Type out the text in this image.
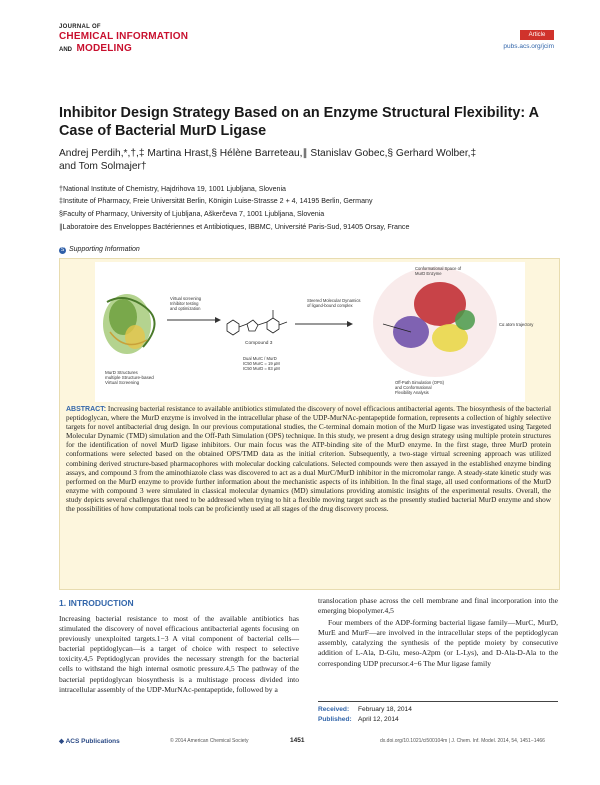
JOURNAL OF
CHEMICAL INFORMATION
AND MODELING
Article
pubs.acs.org/jcim
Inhibitor Design Strategy Based on an Enzyme Structural Flexibility: A Case of Bacterial MurD Ligase
Andrej Perdih,*,†,‡ Martina Hrast,§ Hélène Barreteau,∥ Stanislav Gobec,§ Gerhard Wolber,‡
and Tom Solmajer†
†National Institute of Chemistry, Hajdrihova 19, 1001 Ljubljana, Slovenia
‡Institute of Pharmacy, Freie Universität Berlin, Königin Luise-Strasse 2 + 4, 14195 Berlin, Germany
§Faculty of Pharmacy, University of Ljubljana, Aškerčeva 7, 1001 Ljubljana, Slovenia
∥Laboratoire des Enveloppes Bactériennes et Antibiotiques, IBBMC, Université Paris-Sud, 91405 Orsay, France
S Supporting Information
MurD Structures multiple Structure-based Virtual Screening
Virtual screening Inhibitor testing and optimization
Compound 3
Dual MurC / MurD IC50 MurC = 19 µM IC50 MurD = 83 µM
Steered Molecular Dynamics of ligand-bound complex
Conformational Space of MurD Enzyme
Cα atom trajectory
Off-Path Simulation (OPS) and Conformational Flexibility Analysis
ABSTRACT: Increasing bacterial resistance to available antibiotics stimulated the discovery of novel efficacious antibacterial agents. The biosynthesis of the bacterial peptidoglycan, where the MurD enzyme is involved in the intracellular phase of the UDP-MurNAc-pentapeptide formation, represents a collection of highly selective targets for novel antibacterial drug design. In our previous computational studies, the C-terminal domain motion of the MurD ligase was investigated using Targeted Molecular Dynamic (TMD) simulation and the Off-Path Simulation (OPS) technique. In this study, we present a drug design strategy using multiple protein structures for the identification of novel MurD ligase inhibitors. Our main focus was the ATP-binding site of the MurD enzyme. In the first stage, three MurD protein conformations were selected based on the obtained OPS/TMD data as the initial criterion. Subsequently, a two-stage virtual screening approach was utilized combining derived structure-based pharmacophores with molecular docking calculations. Selected compounds were then assayed in the established enzyme binding assays, and compound 3 from the aminothiazole class was discovered to act as a dual MurC/MurD inhibitor in the micromolar range. A steady-state kinetic study was performed on the MurD enzyme to provide further information about the mechanistic aspects of its inhibition. In the final stage, all used conformations of the MurD enzyme with compound 3 were simulated in classical molecular dynamics (MD) simulations providing atomistic insights of the experimental results. Overall, the study depicts several challenges that need to be addressed when trying to hit a flexible moving target such as the presently studied bacterial MurD enzyme and show the possibilities of how computational tools can be proficiently used at all stages of the drug discovery process.
1. INTRODUCTION
Increasing bacterial resistance to most of the available antibiotics has stimulated the discovery of novel efficacious antibacterial agents focusing on previously unexploited targets.1−3 A vital component of bacterial cells—bacterial peptidoglycan—is a target of choice with respect to selective toxicity.4,5 Peptidoglycan provides the necessary strength for the bacterial cells to withstand the high internal osmotic pressure.4,5 The pathway of the bacterial peptidoglycan biosynthesis is a multistage process divided into intracellular assembly of the UDP-MurNAc-pentapeptide, followed by a
translocation phase across the cell membrane and final incorporation into the emerging biopolymer.4,5
Four members of the ADP-forming bacterial ligase family—MurC, MurD, MurE and MurF—are involved in the intracellular steps of the peptidoglycan assembly, catalyzing the synthesis of the peptide moiety by consecutive addition of L-Ala, D-Glu, meso-A2pm (or L-Lys), and D-Ala-D-Ala to the corresponding UDP precursor.4−6 The Mur ligase family
Received: February 18, 2014
Published: April 12, 2014
◆ ACS Publications	© 2014 American Chemical Society	1451	dx.doi.org/10.1021/ci500104m | J. Chem. Inf. Model. 2014, 54, 1451−1466
